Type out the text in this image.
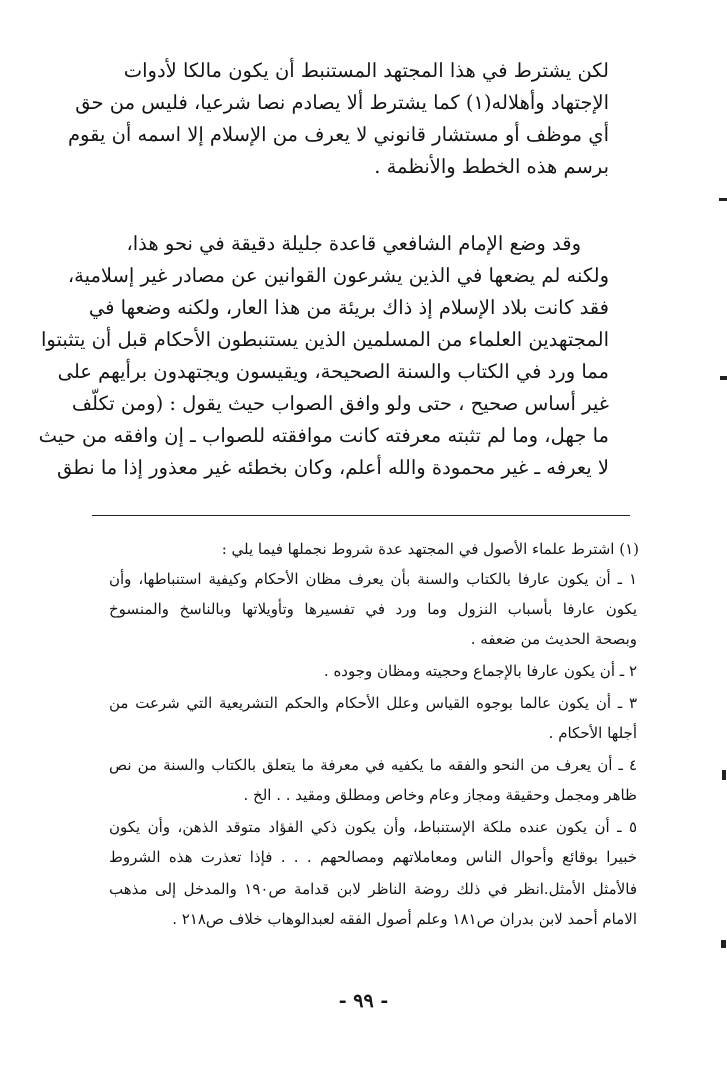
لكن يشترط في هذا المجتهد المستنبط أن يكون مالكا لأدوات
الإجتهاد وأهلاله(١) كما يشترط ألا يصادم نصا شرعيا، فليس من حق
أي موظف أو مستشار قانوني لا يعرف من الإسلام إلا اسمه أن يقوم
برسم هذه الخطط والأنظمة .
وقد وضع الإمام الشافعي قاعدة جليلة دقيقة في نحو هذا،
ولكنه لم يضعها في الذين يشرعون القوانين عن مصادر غير إسلامية،
فقد كانت بلاد الإسلام إذ ذاك بريئة من هذا العار، ولكنه وضعها في
المجتهدين العلماء من المسلمين الذين يستنبطون الأحكام قبل أن يتثبتوا
مما ورد في الكتاب والسنة الصحيحة، ويقيسون ويجتهدون برأيهم على
غير أساس صحيح ، حتى ولو وافق الصواب حيث يقول : (ومن تكلّف
ما جهل، وما لم تثبته معرفته كانت موافقته للصواب ـ إن وافقه من حيث
لا يعرفه ـ غير محمودة والله أعلم، وكان بخطئه غير معذور إذا ما نطق
(١) اشترط علماء الأصول في المجتهد عدة شروط نجملها فيما يلي :
١ ـ أن يكون عارفا بالكتاب والسنة بأن يعرف مظان الأحكام وكيفية استنباطها، وأن
يكون عارفا بأسباب النزول وما ورد في تفسيرها وتأويلاتها وبالناسخ والمنسوخ
وبصحة الحديث من ضعفه .
٢ ـ أن يكون عارفا بالإجماع وحجيته ومظان وجوده .
٣ ـ أن يكون عالما بوجوه القياس وعلل الأحكام والحكم التشريعية التي شرعت من
أجلها الأحكام .
٤ ـ أن يعرف من النحو والفقه ما يكفيه في معرفة ما يتعلق بالكتاب والسنة من نص
ظاهر ومجمل وحقيقة ومجاز وعام وخاص ومطلق ومقيد . . الخ .
٥ ـ أن يكون عنده ملكة الإستنباط، وأن يكون ذكي الفؤاد متوقد الذهن، وأن يكون
خبيرا بوقائع وأحوال الناس ومعاملاتهم ومصالحهم . . . فإذا تعذرت هذه الشروط
فالأمثل الأمثل.انظر في ذلك روضة الناظر لابن قدامة ص١٩٠ والمدخل إلى مذهب
الامام أحمد لابن بدران ص١٨١ وعلم أصول الفقه لعبدالوهاب خلاف ص٢١٨ .
- ٩٩ -
